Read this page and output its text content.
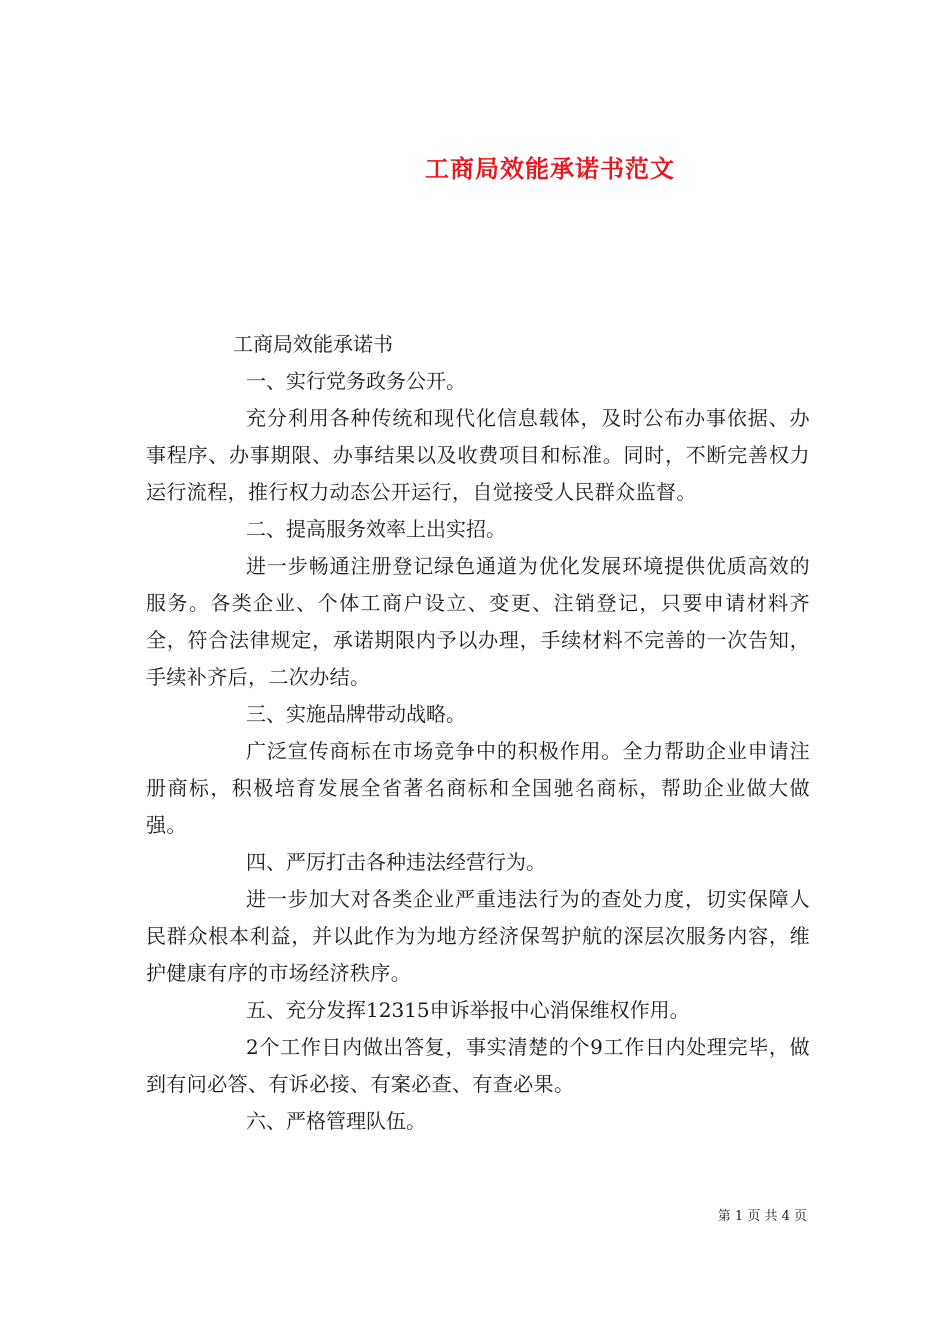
工商局效能承诺书范文

工商局效能承诺书

一、实行党务政务公开。

充分利用各种传统和现代化信息载体，及时公布办事依据、办事程序、办事期限、办事结果以及收费项目和标准。同时，不断完善权力运行流程，推行权力动态公开运行，自觉接受人民群众监督。

二、提高服务效率上出实招。

进一步畅通注册登记绿色通道为优化发展环境提供优质高效的服务。各类企业、个体工商户设立、变更、注销登记，只要申请材料齐全，符合法律规定，承诺期限内予以办理，手续材料不完善的一次告知，手续补齐后，二次办结。

三、实施品牌带动战略。

广泛宣传商标在市场竞争中的积极作用。全力帮助企业申请注册商标，积极培育发展全省著名商标和全国驰名商标，帮助企业做大做强。

四、严厉打击各种违法经营行为。

进一步加大对各类企业严重违法行为的查处力度，切实保障人民群众根本利益，并以此作为为地方经济保驾护航的深层次服务内容，维护健康有序的市场经济秩序。

五、充分发挥12315申诉举报中心消保维权作用。

2个工作日内做出答复，事实清楚的个9工作日内处理完毕，做到有问必答、有诉必接、有案必查、有查必果。

六、严格管理队伍。

第 1 页 共 4 页
